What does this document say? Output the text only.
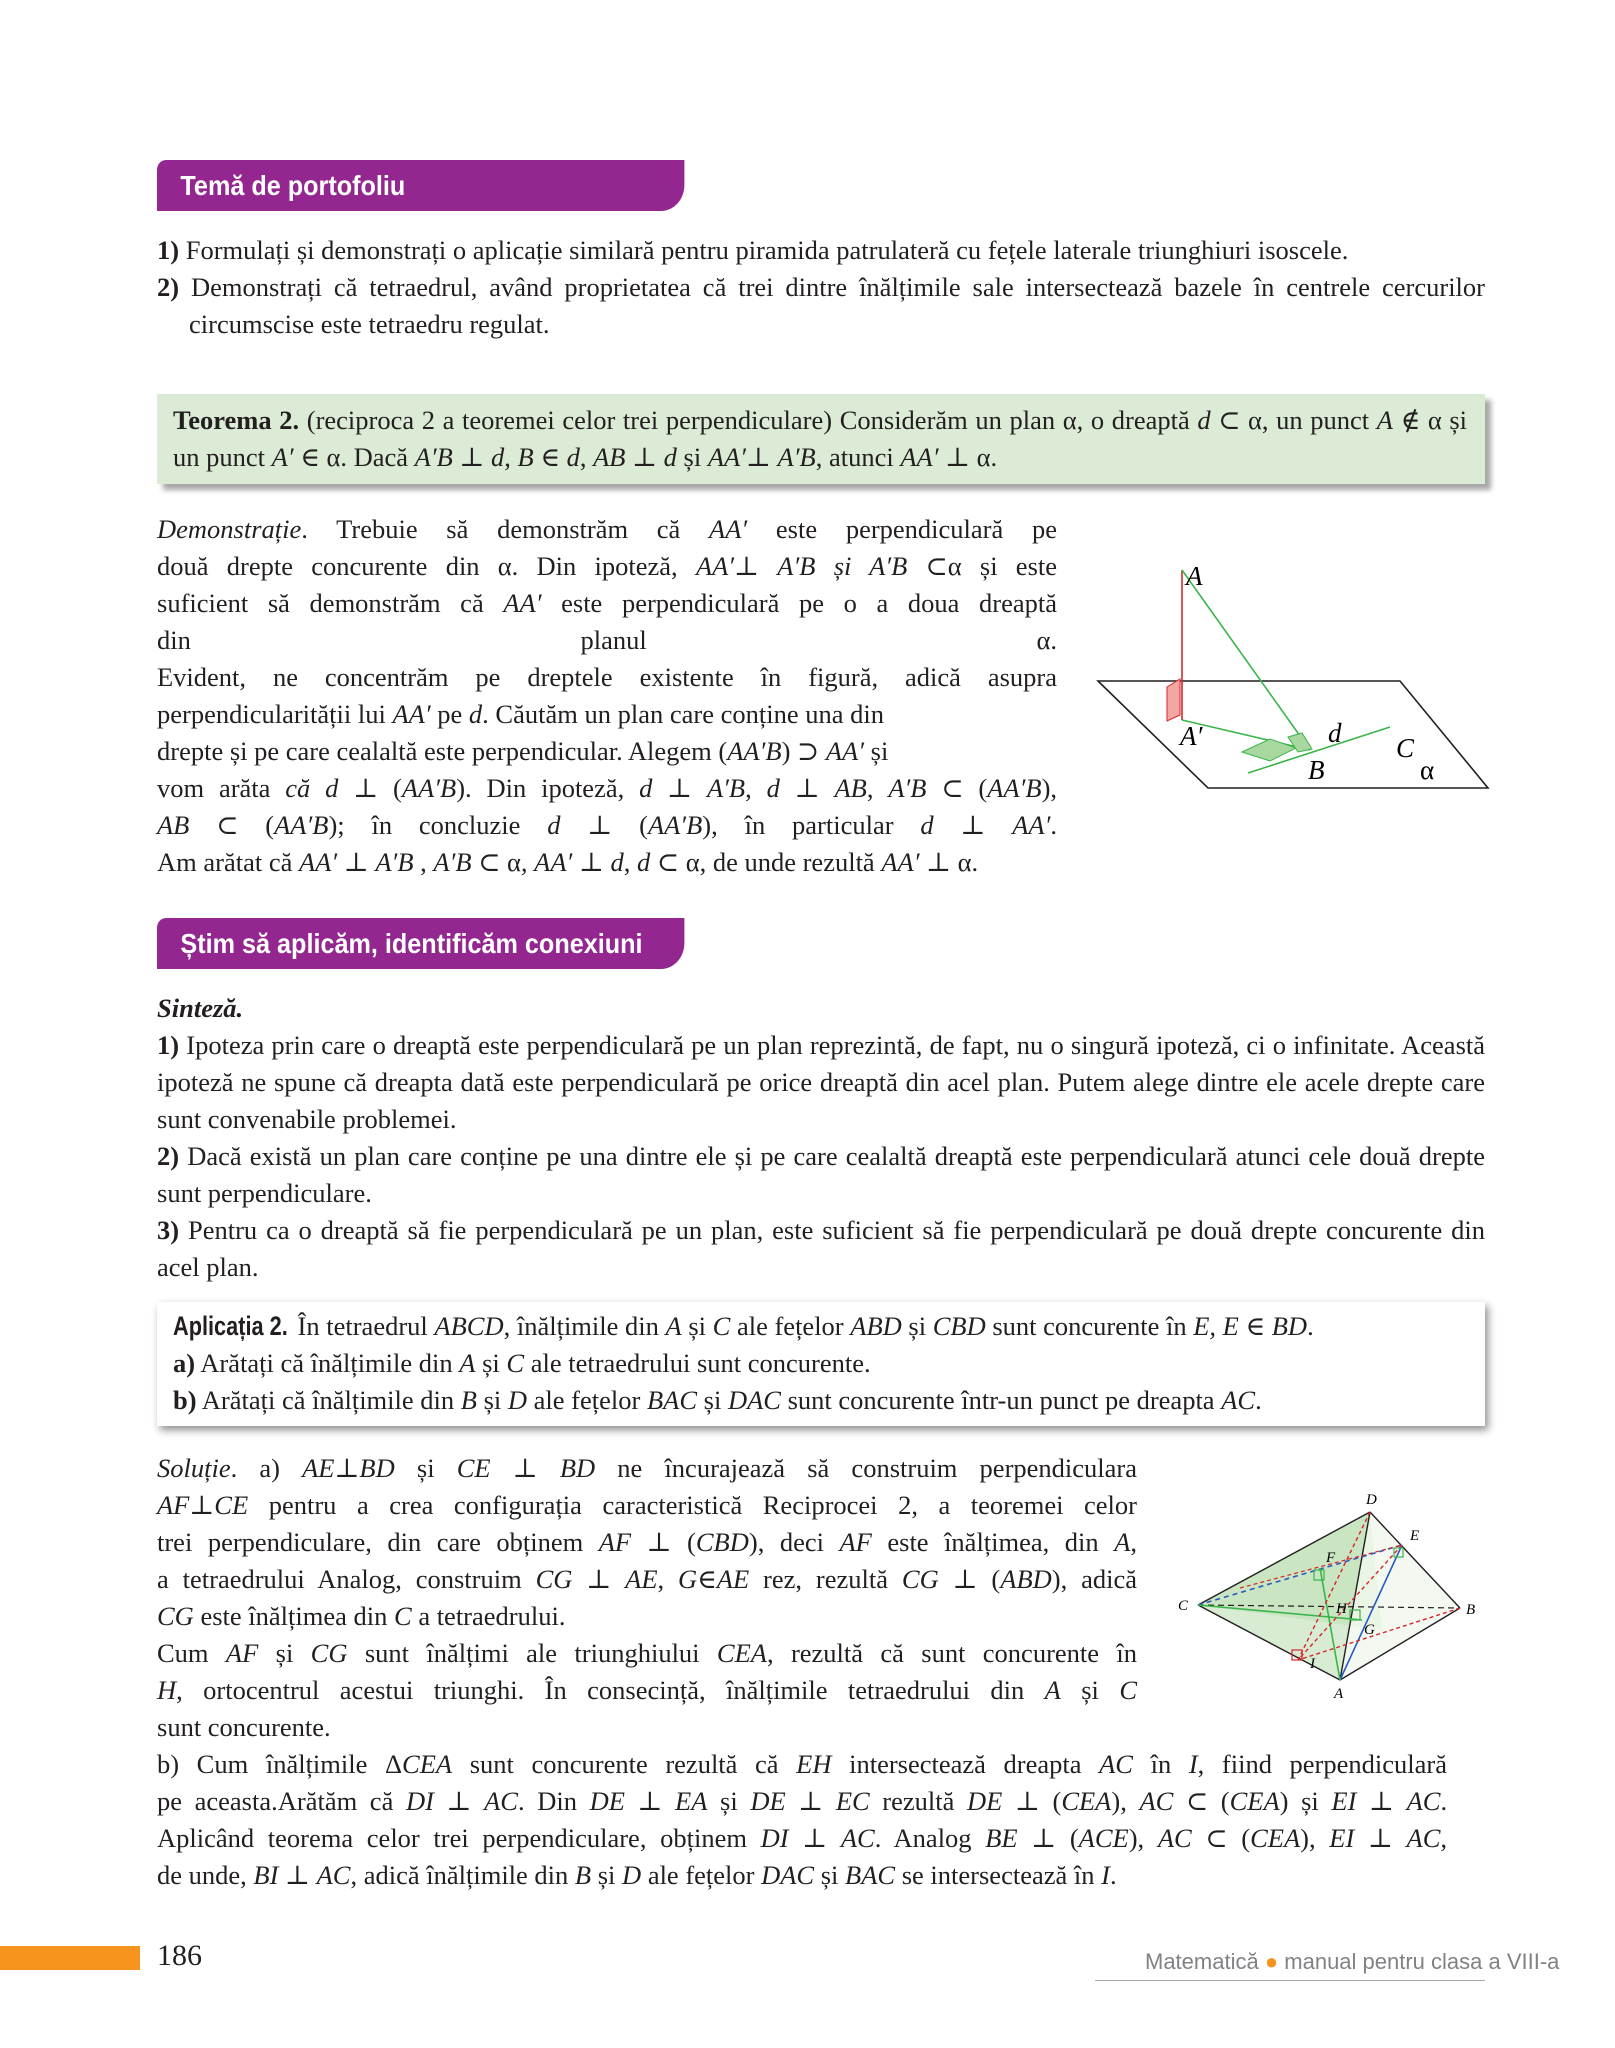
Temă de portofoliu

1) Formulați și demonstrați o aplicație similară pentru piramida patrulateră cu fețele laterale triunghiuri isoscele.

2) Demonstrați că tetraedrul, având proprietatea că trei dintre înălțimile sale intersectează bazele în centrele cercurilor circumscise este tetraedru regulat.

Teorema 2. (reciproca 2 a teoremei celor trei perpendiculare) Considerăm un plan α, o dreaptă d ⊂ α, un punct A ∉ α și un punct A′ ∈ α. Dacă A′B ⊥ d, B ∈ d, AB ⊥ d și AA′⊥ A′B, atunci AA′ ⊥ α.
Demonstrație. Trebuie să demonstrăm că AA′ este perpendiculară pe
două drepte concurente din α. Din ipoteză, AA′⊥ A′B și A′B ⊂α și este
suficient să demonstrăm că AA′ este perpendiculară pe o a doua dreaptă
din planul α.
Evident, ne concentrăm pe dreptele existente în figură, adică asupra
perpendicularității lui AA′ pe d. Căutăm un plan care conține una din
drepte și pe care cealaltă este perpendicular. Alegem (AA′B) ⊃ AA′ și
vom arăta că d ⊥ (AA′B). Din ipoteză, d ⊥ A′B, d ⊥ AB, A′B ⊂ (AA′B),
AB ⊂ (AA′B); în concluzie d ⊥ (AA′B), în particular d ⊥ AA′.
Am arătat că AA′ ⊥ A′B , A′B ⊂ α, AA′ ⊥ d, d ⊂ α, de unde rezultă AA′ ⊥ α.
A
A′
B
d C
α
Știm să aplicăm, identificăm conexiuni

Sinteză.

1) Ipoteza prin care o dreaptă este perpendiculară pe un plan reprezintă, de fapt, nu o singură ipoteză, ci o infinitate. Această ipoteză ne spune că dreapta dată este perpendiculară pe orice dreaptă din acel plan. Putem alege dintre ele acele drepte care sunt convenabile problemei.

2) Dacă există un plan care conține pe una dintre ele și pe care cealaltă dreaptă este perpendiculară atunci cele două drepte sunt perpendiculare.

3) Pentru ca o dreaptă să fie perpendiculară pe un plan, este suficient să fie perpendiculară pe două drepte concurente din acel plan.

Aplicația 2. În tetraedrul ABCD, înălțimile din A și C ale fețelor ABD și CBD sunt concurente în E, E ∈ BD.
a) Arătați că înălțimile din A și C ale tetraedrului sunt concurente.
b) Arătați că înălțimile din B și D ale fețelor BAC și DAC sunt concurente într-un punct pe dreapta AC.
Soluție. a) AE⊥BD și CE ⊥ BD ne încurajează să construim perpendiculara
AF⊥CE pentru a crea configurația caracteristică Reciprocei 2, a teoremei celor
trei perpendiculare, din care obținem AF ⊥ (CBD), deci AF este înălțimea, din A,
a tetraedrului Analog, construim CG ⊥ AE, G∈AE rez, rezultă CG ⊥ (ABD), adică
CG este înălțimea din C a tetraedrului.
Cum AF și CG sunt înălțimi ale triunghiului CEA, rezultă că sunt concurente în
H, ortocentrul acestui triunghi. În consecință, înălțimile tetraedrului din A și C
sunt concurente.
b) Cum înălțimile ΔCEA sunt concurente rezultă că EH intersectează dreapta AC în I, fiind perpendiculară
pe aceasta.Arătăm că DI ⊥ AC. Din DE ⊥ EA și DE ⊥ EC rezultă DE ⊥ (CEA), AC ⊂ (CEA) și EI ⊥ AC.
Aplicând teorema celor trei perpendiculare, obținem DI ⊥ AC. Analog BE ⊥ (ACE), AC ⊂ (CEA), EI ⊥ AC,
de unde, BI ⊥ AC, adică înălțimile din B și D ale fețelor DAC și BAC se intersectează în I.
D
E
F
C	B
H
G
I
A
186	Matematică ● manual pentru clasa a VIII-a
